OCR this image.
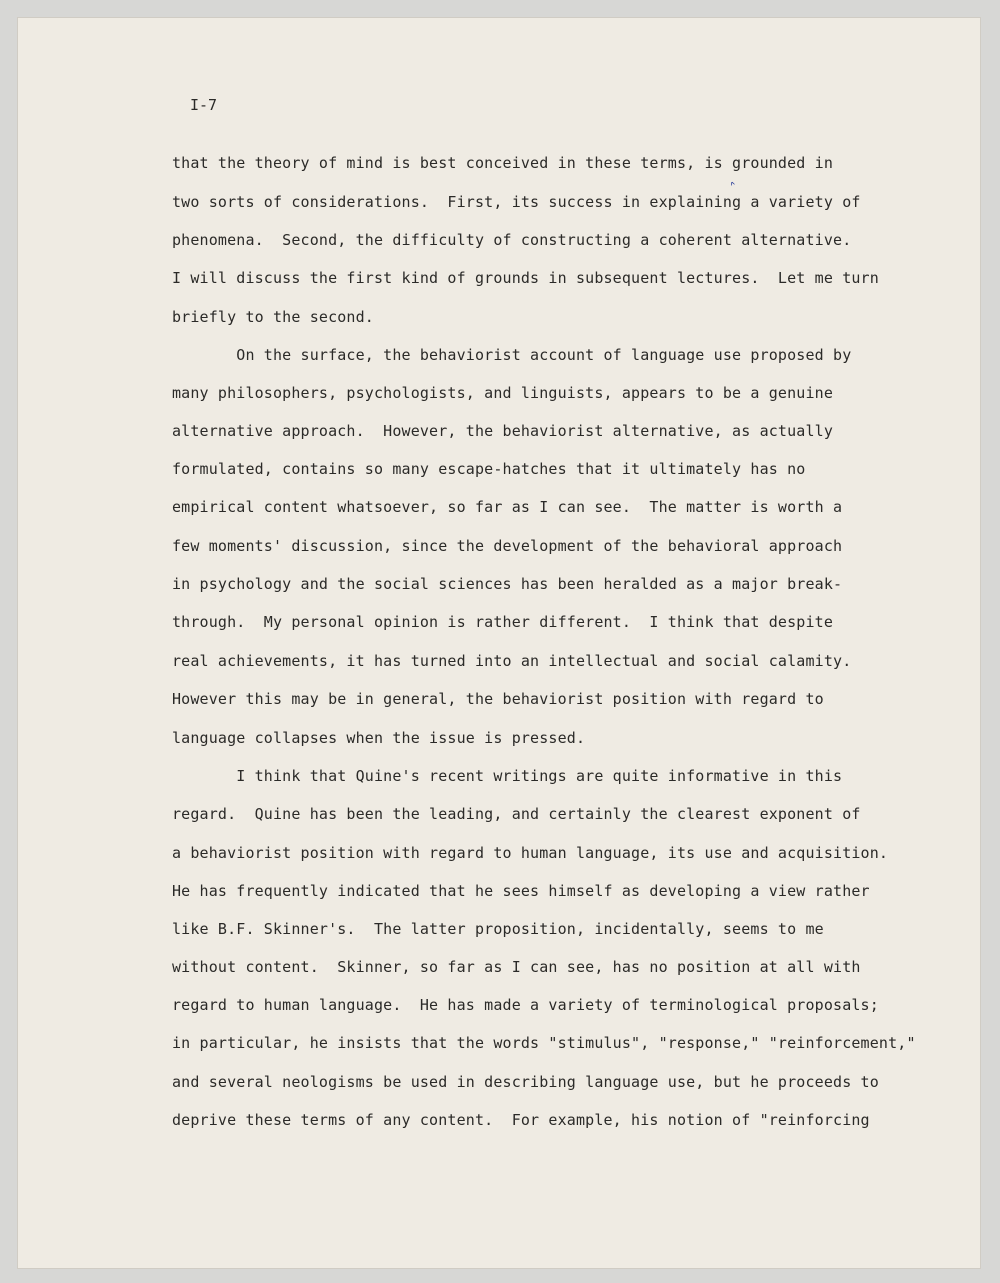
I-7

˄

that the theory of mind is best conceived in these terms, is grounded in

two sorts of considerations.  First, its success in explaining a variety of

phenomena.  Second, the difficulty of constructing a coherent alternative.

I will discuss the first kind of grounds in subsequent lectures.  Let me turn

briefly to the second.

On the surface, the behaviorist account of language use proposed by

many philosophers, psychologists, and linguists, appears to be a genuine

alternative approach.  However, the behaviorist alternative, as actually

formulated, contains so many escape-hatches that it ultimately has no

empirical content whatsoever, so far as I can see.  The matter is worth a

few moments' discussion, since the development of the behavioral approach

in psychology and the social sciences has been heralded as a major break-

through.  My personal opinion is rather different.  I think that despite

real achievements, it has turned into an intellectual and social calamity.

However this may be in general, the behaviorist position with regard to

language collapses when the issue is pressed.

I think that Quine's recent writings are quite informative in this

regard.  Quine has been the leading, and certainly the clearest exponent of

a behaviorist position with regard to human language, its use and acquisition.

He has frequently indicated that he sees himself as developing a view rather

like B.F. Skinner's.  The latter proposition, incidentally, seems to me

without content.  Skinner, so far as I can see, has no position at all with

regard to human language.  He has made a variety of terminological proposals;

in particular, he insists that the words "stimulus", "response," "reinforcement,"

and several neologisms be used in describing language use, but he proceeds to

deprive these terms of any content.  For example, his notion of "reinforcing
